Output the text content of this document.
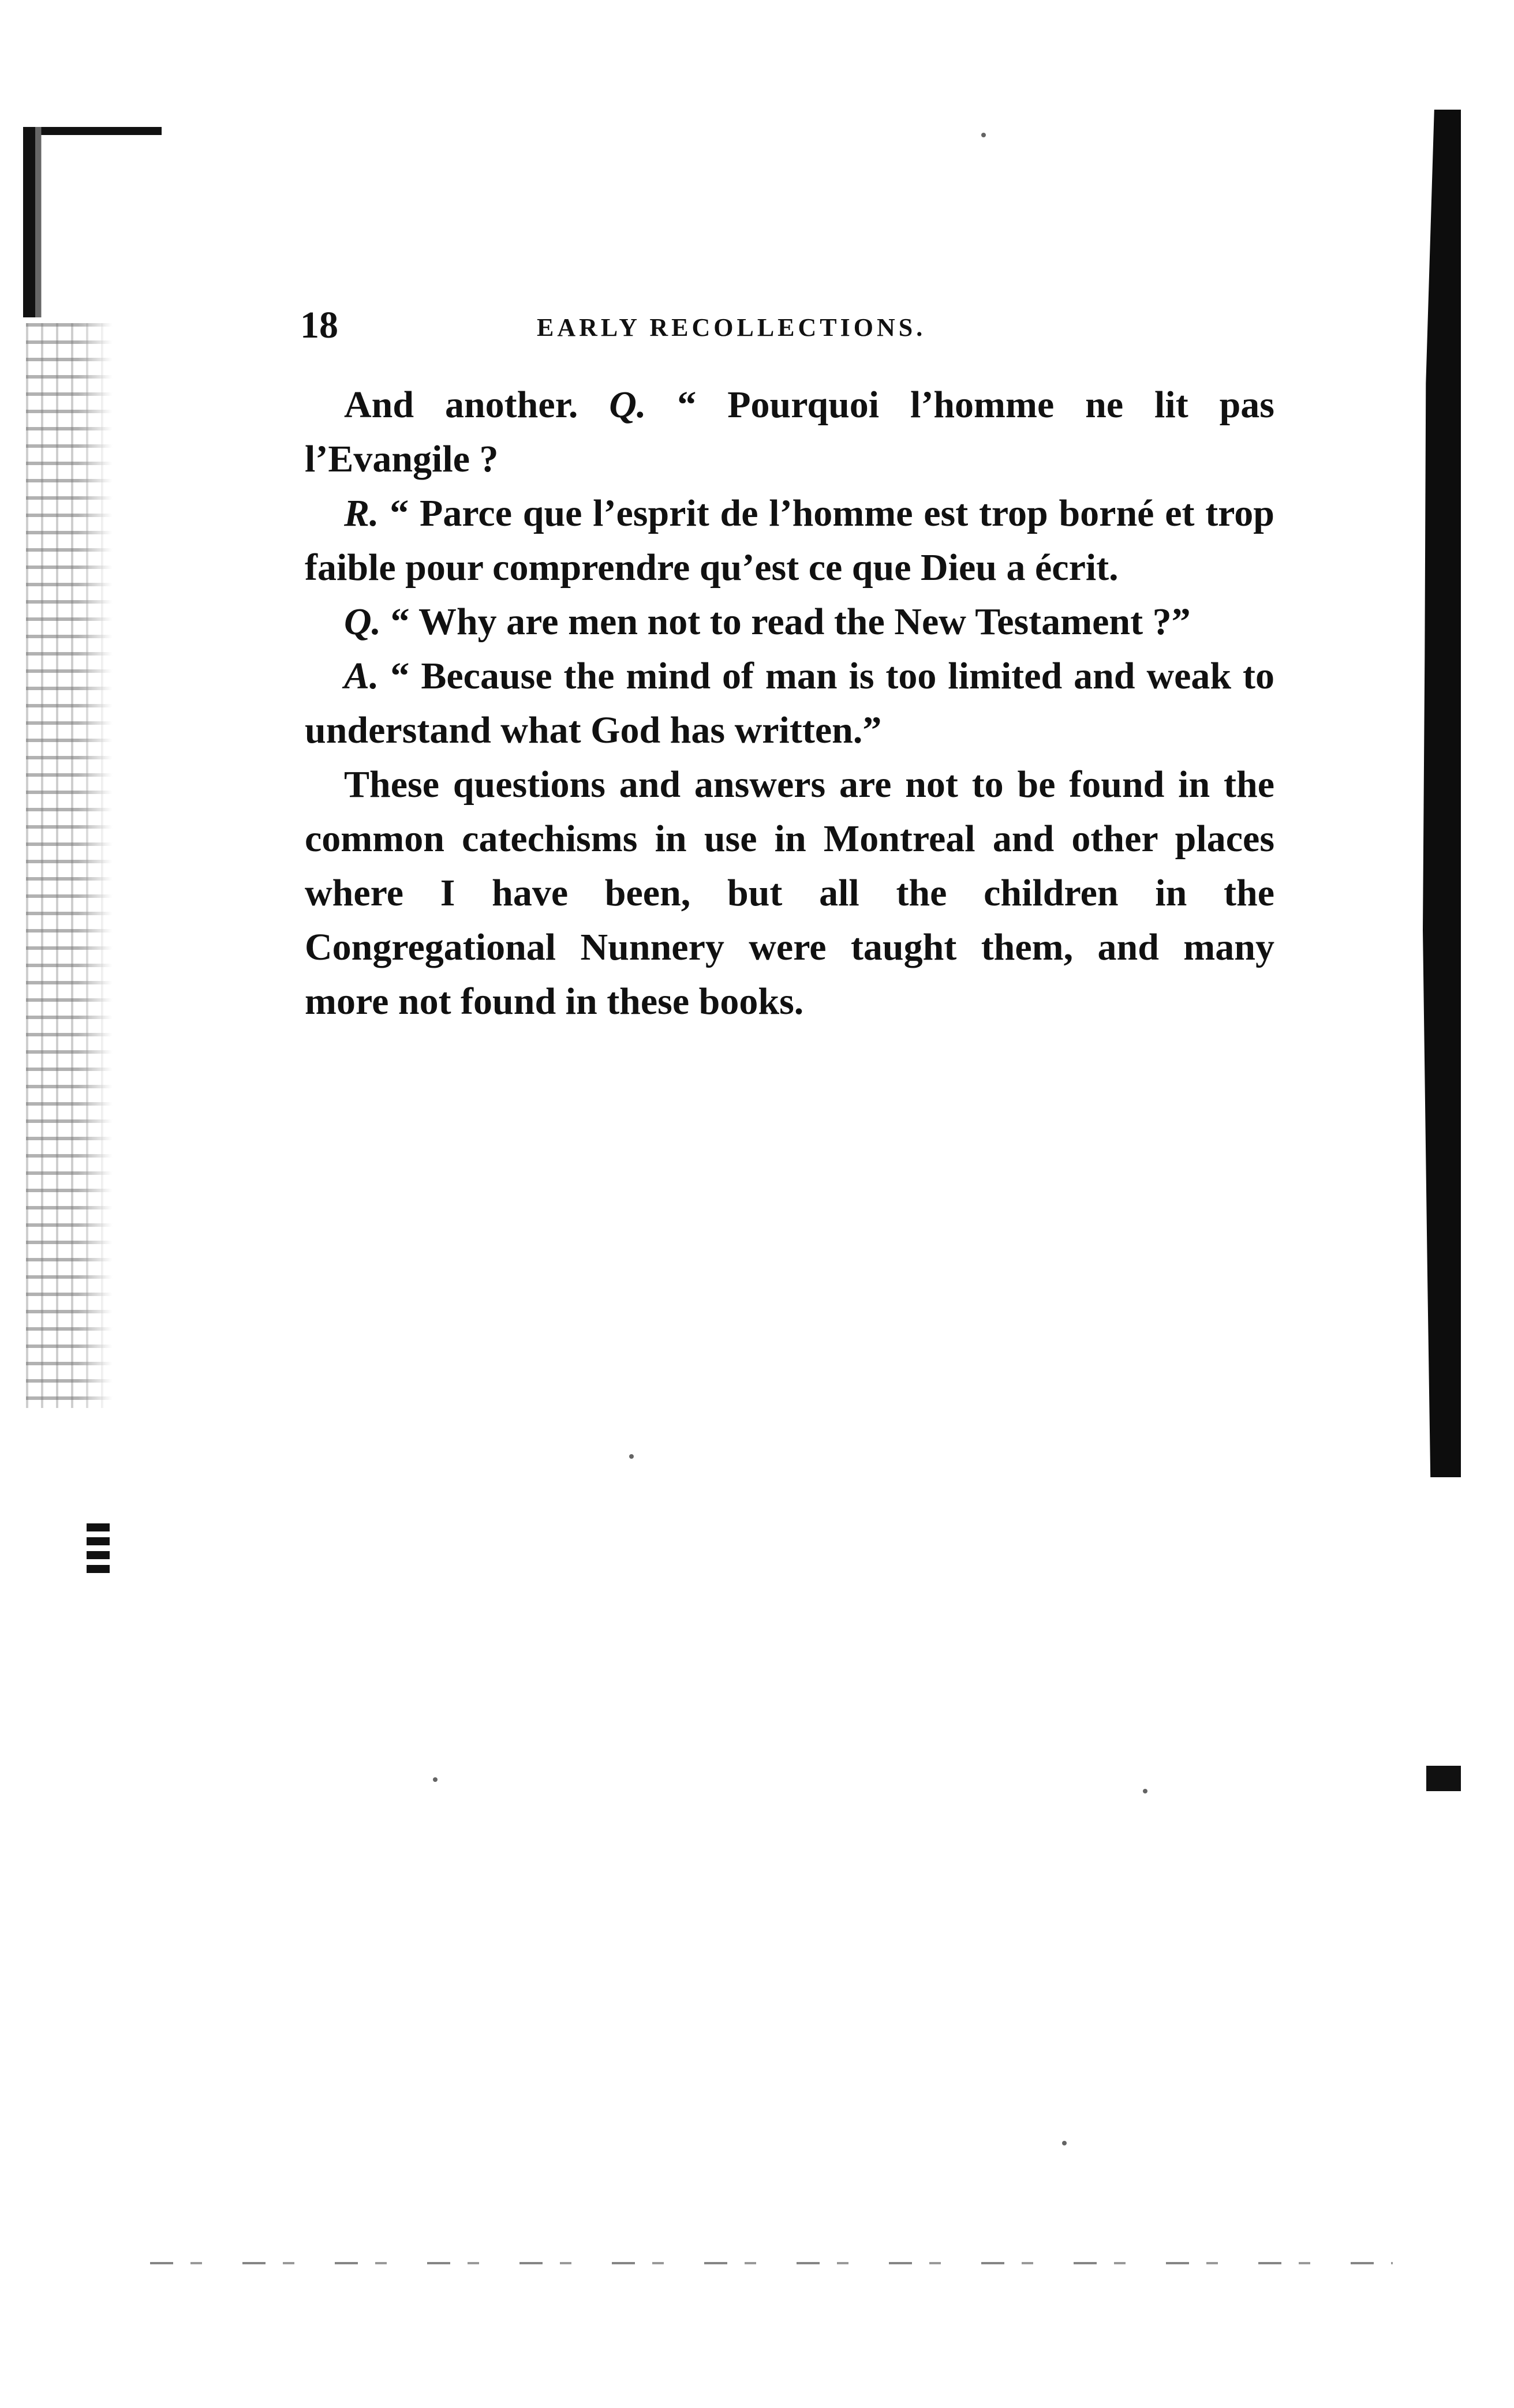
18	EARLY RECOLLECTIONS.

And another. Q. “ Pourquoi l’homme ne lit pas l’Evangile ?

R. “ Parce que l’esprit de l’homme est trop borné et trop faible pour comprendre qu’est ce que Dieu a écrit.

Q. “ Why are men not to read the New Testament ?”

A. “ Because the mind of man is too limited and weak to understand what God has written.”

These questions and answers are not to be found in the common catechisms in use in Montreal and other places where I have been, but all the children in the Congregational Nunnery were taught them, and many more not found in these books.
